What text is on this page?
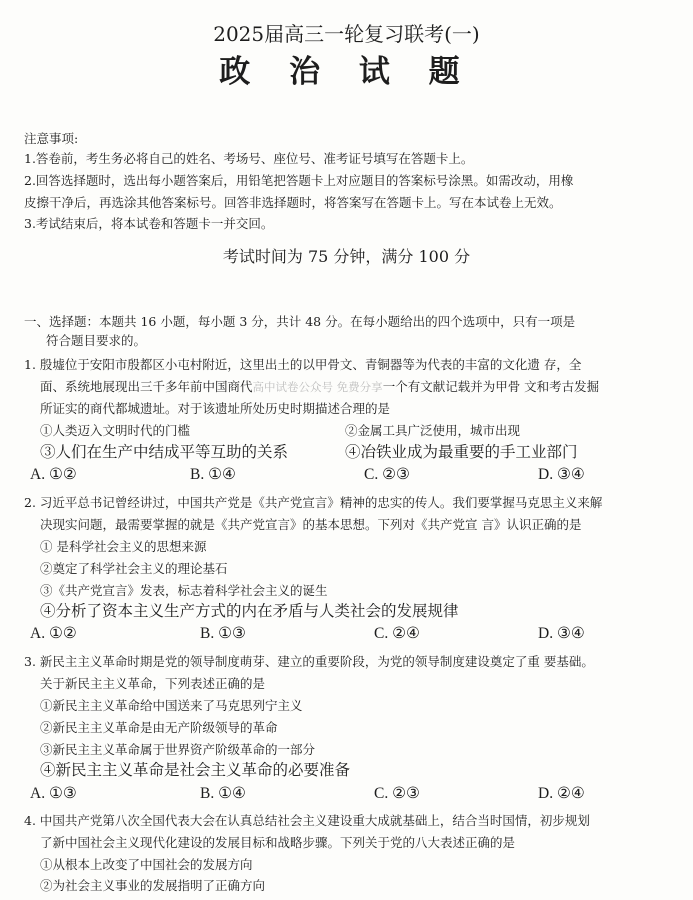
2025届高三一轮复习联考(一)
政 治 试 题
注意事项:
1.答卷前，考生务必将自己的姓名、考场号、座位号、准考证号填写在答题卡上。
2.回答选择题时，选出每小题答案后，用铅笔把答题卡上对应题目的答案标号涂黑。如需改动，用橡
皮擦干净后，再选涂其他答案标号。回答非选择题时，将答案写在答题卡上。写在本试卷上无效。
3.考试结束后，将本试卷和答题卡一并交回。
考试时间为 75 分钟，满分 100 分
一、选择题：本题共 16 小题，每小题 3 分，共计 48 分。在每小题给出的四个选项中，只有一项是
符合题目要求的。
1. 殷墟位于安阳市殷都区小屯村附近，这里出土的以甲骨文、青铜器等为代表的丰富的文化遗 存，全
面、系统地展现出三千多年前中国商代高中试卷公众号 免费分享一个有文献记载并为甲骨 文和考古发掘
所证实的商代都城遗址。对于该遗址所处历史时期描述合理的是
①人类迈入文明时代的门槛	②金属工具广泛使用，城市出现
③人们在生产中结成平等互助的关系	④冶铁业成为最重要的手工业部门
A. ①②	B. ①④	C. ②③	D. ③④
2. 习近平总书记曾经讲过，中国共产党是《共产党宣言》精神的忠实的传人。我们要掌握马克思主义来解
决现实问题，最需要掌握的就是《共产党宣言》的基本思想。下列对《共产党宣 言》认识正确的是
① 是科学社会主义的思想来源
②奠定了科学社会主义的理论基石
③《共产党宣言》发表，标志着科学社会主义的诞生
④分析了资本主义生产方式的内在矛盾与人类社会的发展规律
A. ①②	B. ①③	C. ②④	D. ③④
3. 新民主主义革命时期是党的领导制度萌芽、建立的重要阶段，为党的领导制度建设奠定了重 要基础。
关于新民主主义革命，下列表述正确的是
①新民主主义革命给中国送来了马克思列宁主义
②新民主主义革命是由无产阶级领导的革命
③新民主主义革命属于世界资产阶级革命的一部分
④新民主主义革命是社会主义革命的必要准备
A. ①③	B. ①④	C. ②③	D. ②④
4. 中国共产党第八次全国代表大会在认真总结社会主义建设重大成就基础上，结合当时国情，初步规划
了新中国社会主义现代化建设的发展目标和战略步骤。下列关于党的八大表述正确的是
①从根本上改变了中国社会的发展方向
②为社会主义事业的发展指明了正确方向
